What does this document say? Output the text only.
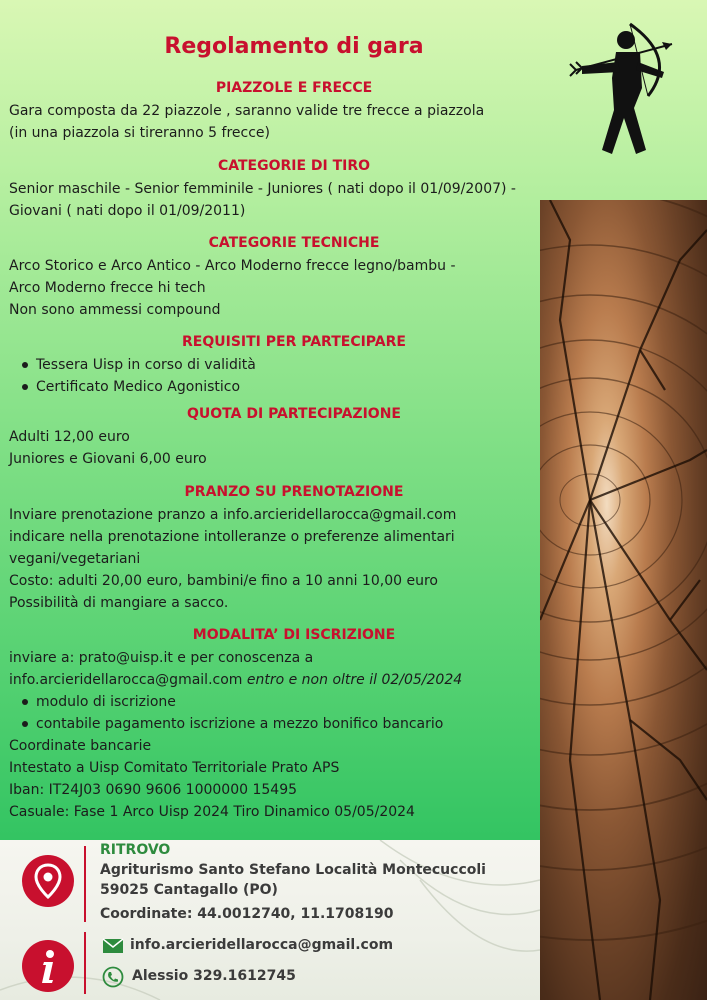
Regolamento di gara
PIAZZOLE E FRECCE
Gara composta da 22 piazzole , saranno valide tre frecce a piazzola
(in una piazzola si tireranno 5 frecce)
CATEGORIE DI TIRO
Senior maschile - Senior femminile - Juniores ( nati dopo il 01/09/2007) -
Giovani ( nati dopo il 01/09/2011)
CATEGORIE TECNICHE
Arco Storico e Arco Antico - Arco Moderno frecce legno/bambu -
Arco Moderno frecce hi tech
Non sono ammessi compound
REQUISITI PER PARTECIPARE
Tessera Uisp in corso di validità
Certificato Medico Agonistico
QUOTA DI PARTECIPAZIONE
Adulti 12,00 euro
Juniores e Giovani 6,00 euro
PRANZO SU PRENOTAZIONE
Inviare prenotazione pranzo a info.arcieridellarocca@gmail.com
indicare nella prenotazione intolleranze o preferenze alimentari
vegani/vegetariani
Costo: adulti 20,00 euro, bambini/e fino a 10 anni 10,00 euro
Possibilità di mangiare a sacco.
MODALITA’ DI ISCRIZIONE
inviare a: prato@uisp.it e per conoscenza a
info.arcieridellarocca@gmail.com entro e non oltre il 02/05/2024
modulo di iscrizione
contabile pagamento iscrizione a mezzo bonifico bancario
Coordinate bancarie
Intestato a Uisp Comitato Territoriale Prato APS
Iban: IT24J03 0690 9606 1000000 15495
Casuale: Fase 1 Arco Uisp 2024 Tiro Dinamico 05/05/2024
RITROVO
Agriturismo Santo Stefano Località Montecuccoli
59025 Cantagallo (PO)
Coordinate: 44.0012740, 11.1708190
info.arcieridellarocca@gmail.com
Alessio 329.1612745
